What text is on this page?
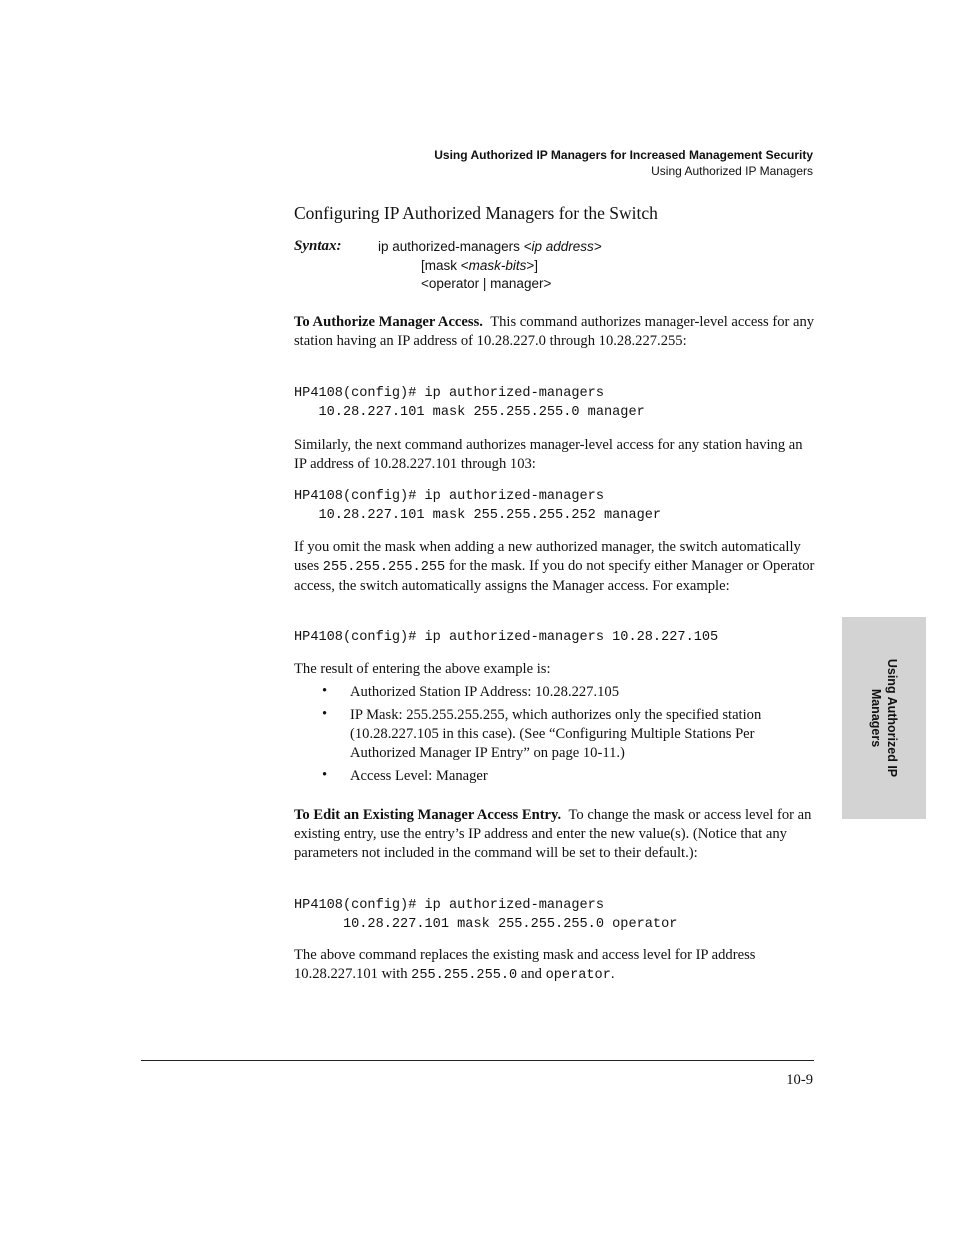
Using Authorized IP Managers for Increased Management Security
Using Authorized IP Managers
Configuring IP Authorized Managers for the Switch
Syntax:	ip authorized-managers <ip address>
[mask <mask-bits>]
<operator | manager>
To Authorize Manager Access. This command authorizes manager-level access for any station having an IP address of 10.28.227.0 through 10.28.227.255:
HP4108(config)# ip authorized-managers
10.28.227.101 mask 255.255.255.0 manager
Similarly, the next command authorizes manager-level access for any station having an IP address of 10.28.227.101 through 103:
HP4108(config)# ip authorized-managers
10.28.227.101 mask 255.255.255.252 manager
If you omit the mask when adding a new authorized manager, the switch automatically uses 255.255.255.255 for the mask. If you do not specify either Manager or Operator access, the switch automatically assigns the Manager access. For example:
HP4108(config)# ip authorized-managers 10.28.227.105
The result of entering the above example is:
• Authorized Station IP Address: 10.28.227.105
• IP Mask: 255.255.255.255, which authorizes only the specified station (10.28.227.105 in this case). (See “Configuring Multiple Stations Per Authorized Manager IP Entry” on page 10-11.)
• Access Level: Manager
To Edit an Existing Manager Access Entry. To change the mask or access level for an existing entry, use the entry’s IP address and enter the new value(s). (Notice that any parameters not included in the command will be set to their default.):
HP4108(config)# ip authorized-managers
10.28.227.101 mask 255.255.255.0 operator
The above command replaces the existing mask and access level for IP address 10.28.227.101 with 255.255.255.0 and operator.
10-9
Using Authorized IP
Managers
